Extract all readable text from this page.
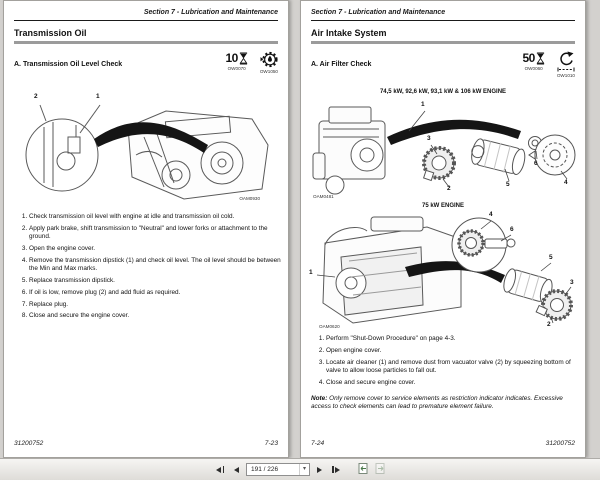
Section 7 - Lubrication and Maintenance
Transmission Oil
A. Transmission Oil Level Check	10
OW0070
OW1050
2	1
OAM0930
1. Check transmission oil level with engine at idle and transmission oil cold.
2. Apply park brake, shift transmission to "Neutral" and lower forks or attachment to the ground.
3. Open the engine cover.
4. Remove the transmission dipstick (1) and check oil level. The oil level should be between the Min and Max marks.
5. Replace transmission dipstick.
6. If oil is low, remove plug (2) and add fluid as required.
7. Replace plug.
8. Close and secure the engine cover.
31200752	7-23
Section 7 - Lubrication and Maintenance
Air Intake System
A. Air Filter Check	50
OW0060
OW1010
74,5 kW, 92,6 kW, 93,1 kW & 106 kW ENGINE
1
3
2
5
6
4
OAM0481
75 kW ENGINE
1
4
6
5
3
2
OAM0620
1. Perform "Shut-Down Procedure" on page 4-3.
2. Open engine cover.
3. Locate air cleaner (1) and remove dust from vacuator valve (2) by squeezing bottom of valve to allow loose particles to fall out.
4. Close and secure engine cover.
Note: Only remove cover to service elements as restriction indicator indicates. Excessive access to check elements can lead to premature element failure.
7-24	31200752
191 / 226
▾
